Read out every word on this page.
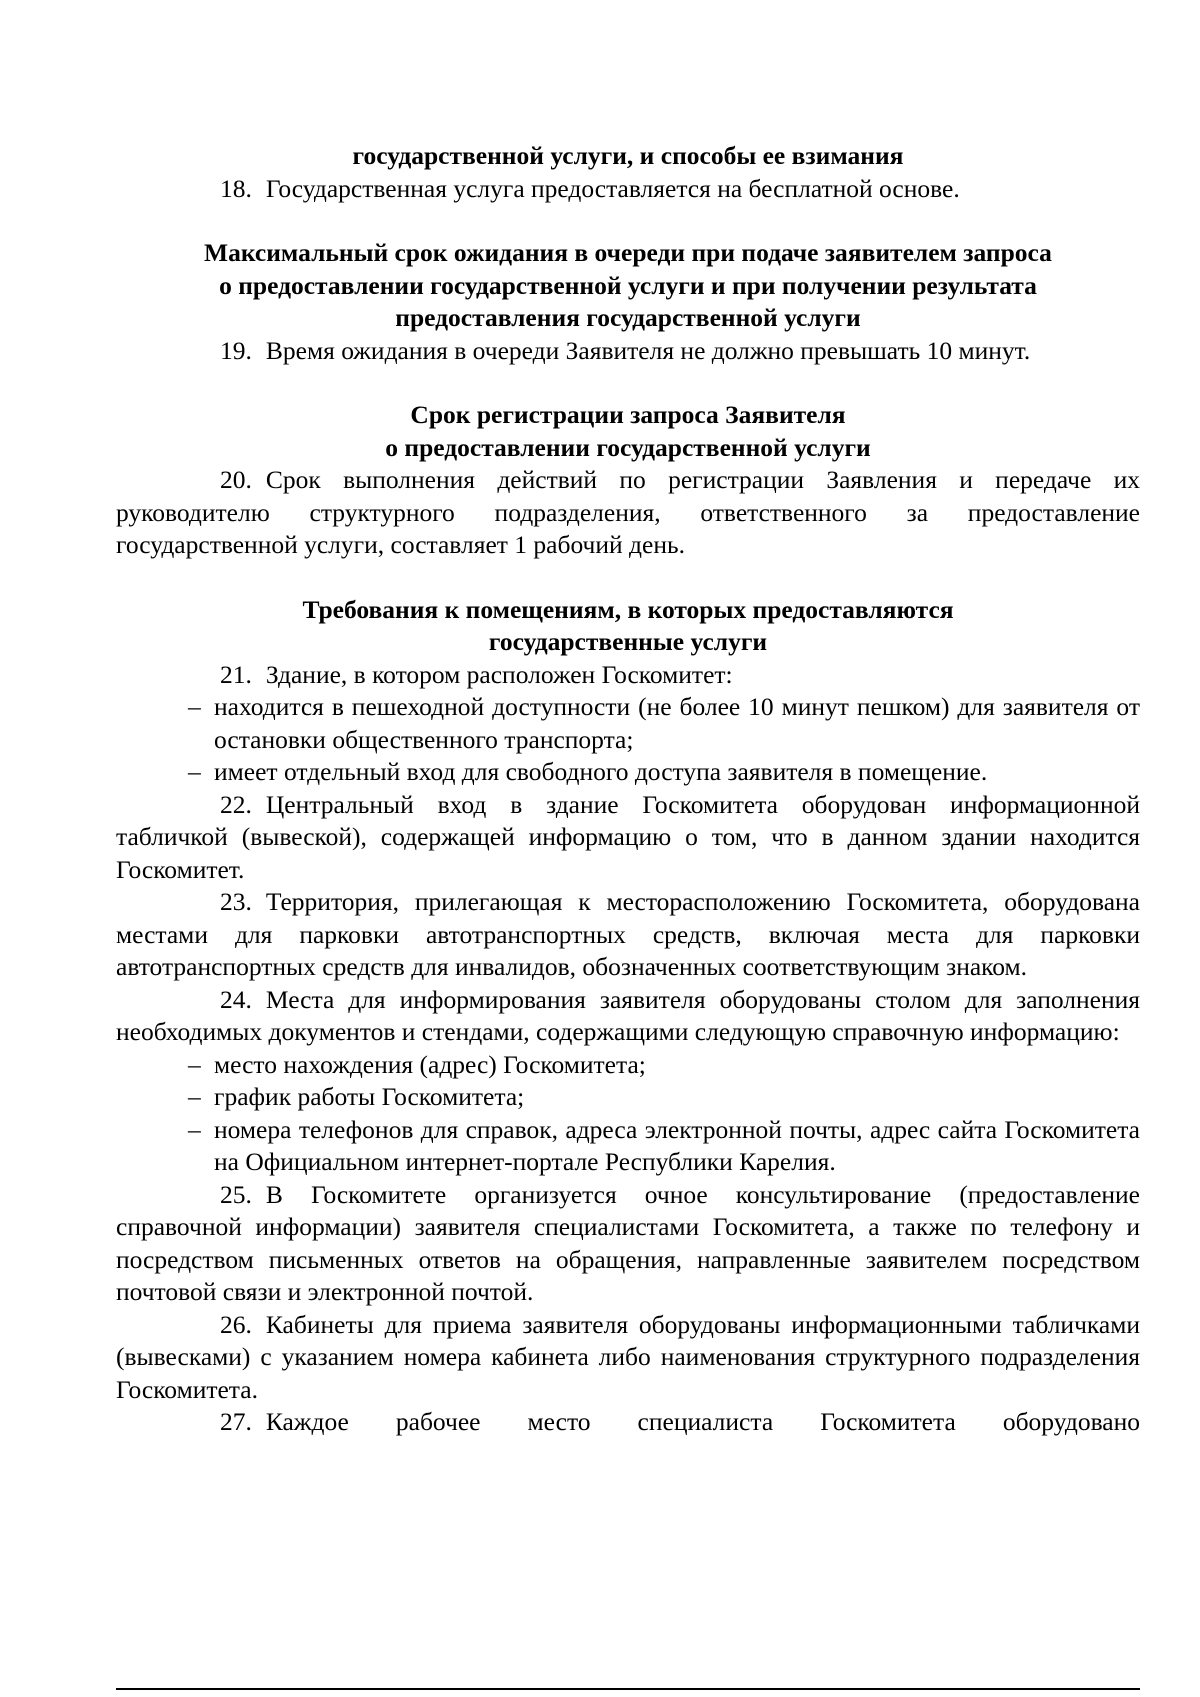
государственной услуги, и способы ее взимания

18. Государственная услуга предоставляется на бесплатной основе.

Максимальный срок ожидания в очереди при подаче заявителем запроса
о предоставлении государственной услуги и при получении результата
предоставления государственной услуги

19. Время ожидания в очереди Заявителя не должно превышать 10 минут.

Срок регистрации запроса Заявителя
о предоставлении государственной услуги

20. Срок выполнения действий по регистрации Заявления и передаче их руководителю структурного подразделения, ответственного за предоставление государственной услуги, составляет 1 рабочий день.

Требования к помещениям, в которых предоставляются
государственные услуги

21. Здание, в котором расположен Госкомитет:

– находится в пешеходной доступности (не более 10 минут пешком) для заявителя от остановки общественного транспорта;
– имеет отдельный вход для свободного доступа заявителя в помещение.

22. Центральный вход в здание Госкомитета оборудован информационной табличкой (вывеской), содержащей информацию о том, что в данном здании находится Госкомитет.

23. Территория, прилегающая к месторасположению Госкомитета, оборудована местами для парковки автотранспортных средств, включая места для парковки автотранспортных средств для инвалидов, обозначенных соответствующим знаком.

24. Места для информирования заявителя оборудованы столом для заполнения необходимых документов и стендами, содержащими следующую справочную информацию:

– место нахождения (адрес) Госкомитета;
– график работы Госкомитета;
– номера телефонов для справок, адреса электронной почты, адрес сайта Госкомитета на Официальном интернет-портале Республики Карелия.

25. В Госкомитете организуется очное консультирование (предоставление справочной информации) заявителя специалистами Госкомитета, а также по телефону и посредством письменных ответов на обращения, направленные заявителем посредством почтовой связи и электронной почтой.

26. Кабинеты для приема заявителя оборудованы информационными табличками (вывесками) с указанием номера кабинета либо наименования структурного подразделения Госкомитета.

27. Каждое рабочее место специалиста Госкомитета оборудовано
